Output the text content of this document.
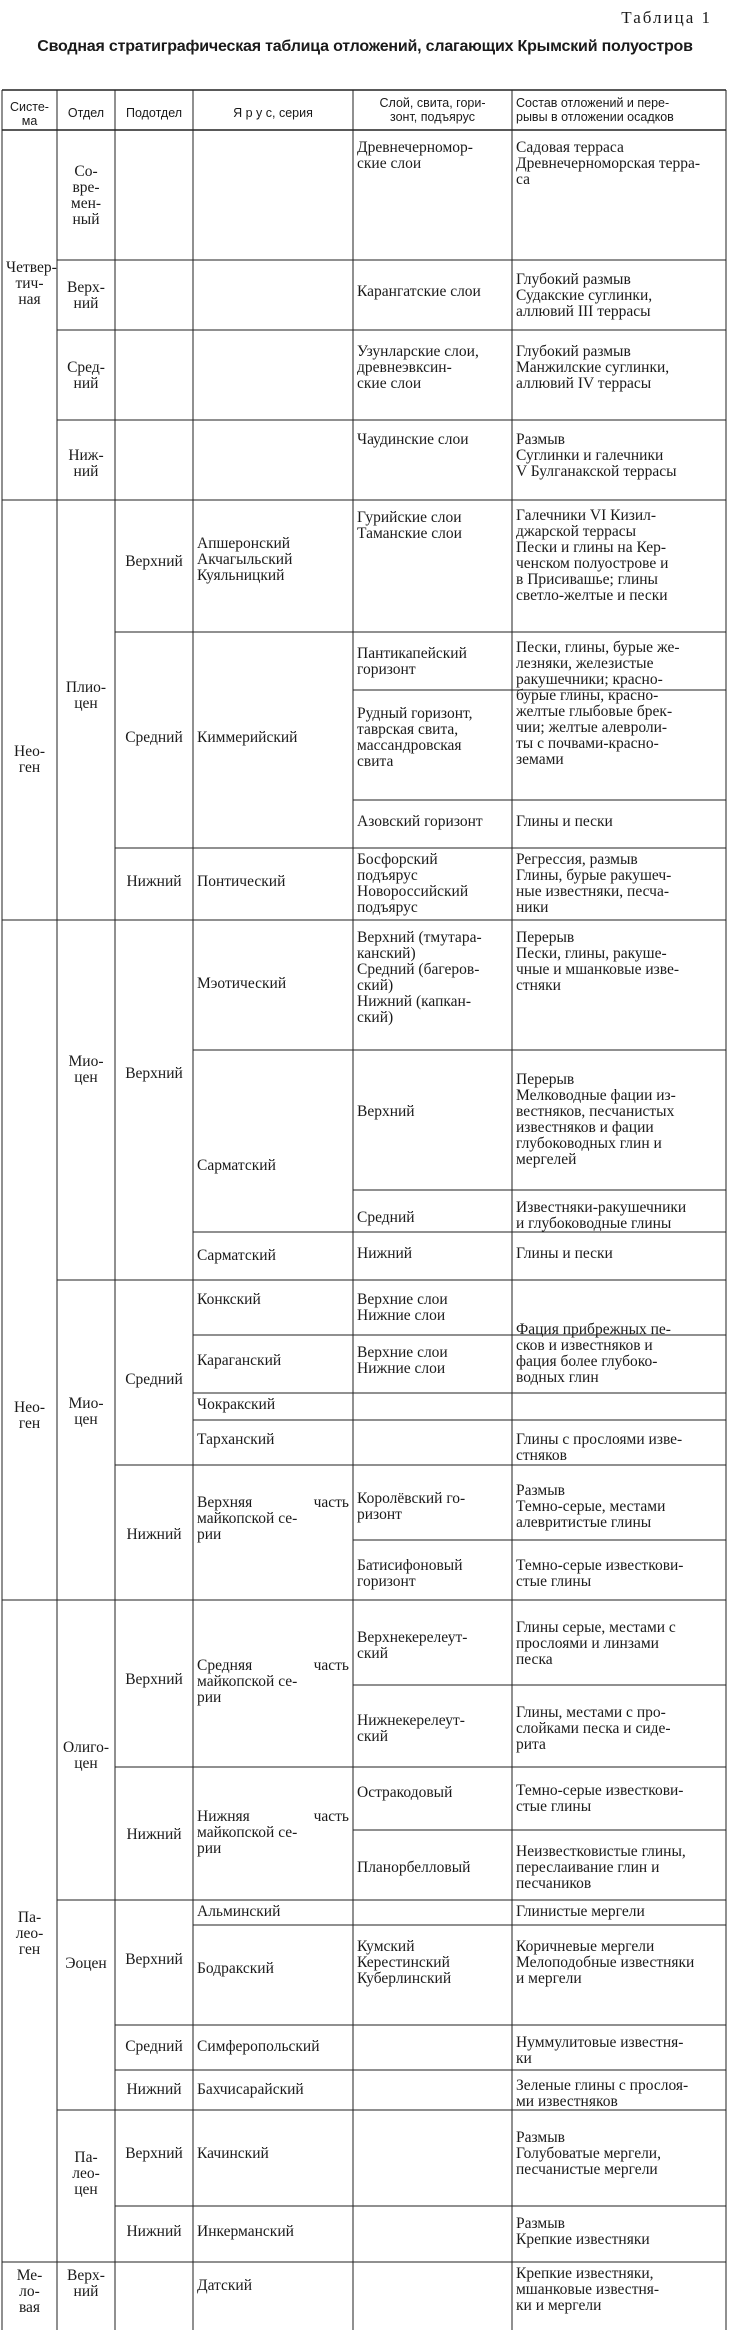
Таблица 1
Сводная стратиграфическая таблица отложений, слагающих Крымский полуостров
Систе-
ма
Отдел	Подотдел	Я р у с, серия
Слой, свита, гори-
зонт, подъярус
Состав отложений и пере-
рывы в отложении осадков
Четвер-
тич-
ная
Нео-
ген
Нео-
ген
Па-
лео-
ген
Ме-
ло-
вая
Со-
вре-
мен-
ный
Верх-
ний
Сред-
ний
Ниж-
ний
Плио-
цен
Мио-
цен
Мио-
цен
Олиго-
цен
Эоцен
Па-
лео-
цен
Верх-
ний
Верхний
Средний
Нижний
Верхний
Средний
Нижний
Верхний
Нижний
Верхний
Средний
Нижний
Верхний
Нижний
Апшеронский
Акчагыльский
Куяльницкий
Киммерийский
Понтический
Мэотический
Сарматский
Сарматский
Конкский
Караганский
Чокракский
Тарханский
Верхняя часть майкопской се-
рии
Средняя часть майкопской се-
рии
Нижняя часть майкопской се-
рии
Альминский
Бодракский
Симферопольский
Бахчисарайский
Качинский
Инкерманский
Датский
Древнечерномор-
ские слои
Карангатские слои
Узунларские слои,
древнеэвксин-
ские слои
Чаудинские слои
Гурийские слои
Таманские слои
Пантикапейский
горизонт
Рудный горизонт,
таврская свита,
массандровская
свита
Азовский горизонт
Босфорский
подъярус
Новороссийский
подъярус
Верхний (тмутара-
канский)
Средний (багеров-
ский)
Нижний (капкан-
ский)
Верхний
Средний
Нижний
Верхние слои
Нижние слои
Верхние слои
Нижние слои
Королёвский го-
ризонт
Батисифоновый
горизонт
Верхнекерелеут-
ский
Нижнекерелеут-
ский
Остракодовый
Планорбелловый
Кумский
Керестинский
Куберлинский
Садовая терраса
Древнечерноморская терра-
са
Глубокий размыв
Судакские суглинки,
аллювий III террасы
Глубокий размыв
Манжилские суглинки,
аллювий IV террасы
Размыв
Суглинки и галечники
V Булганакской террасы
Галечники VI Кизил-
джарской террасы
Пески и глины на Кер-
ченском полуострове и
в Присивашье; глины
светло-желтые и пески
Пески, глины, бурые же-
лезняки, железистые
ракушечники; красно-
бурые глины, красно-
желтые глыбовые брек-
чии; желтые алевроли-
ты с почвами-красно-
земами
Глины и пески
Регрессия, размыв
Глины, бурые ракушеч-
ные известняки, песча-
ники
Перерыв
Пески, глины, ракуше-
чные и мшанковые изве-
стняки
Перерыв
Мелководные фации из-
вестняков, песчанистых
известняков и фации
глубоководных глин и
мергелей
Известняки-ракушечники
и глубоководные глины
Глины и пески
Фация прибрежных пе-
сков и известняков и
фация более глубоко-
водных глин
Глины с прослоями изве-
стняков
Размыв
Темно-серые, местами
алевритистые глины
Темно-серые известкови-
стые глины
Глины серые, местами с
прослоями и линзами
песка
Глины, местами с про-
слойками песка и сиде-
рита
Темно-серые известкови-
стые глины
Неизвестковистые глины,
переслаивание глин и
песчаников
Глинистые мергели
Коричневые мергели
Мелоподобные известняки
и мергели
Нуммулитовые известня-
ки
Зеленые глины с прослоя-
ми известняков
Размыв
Голубоватые мергели,
песчанистые мергели
Размыв
Крепкие известняки
Крепкие известняки,
мшанковые известня-
ки и мергели
